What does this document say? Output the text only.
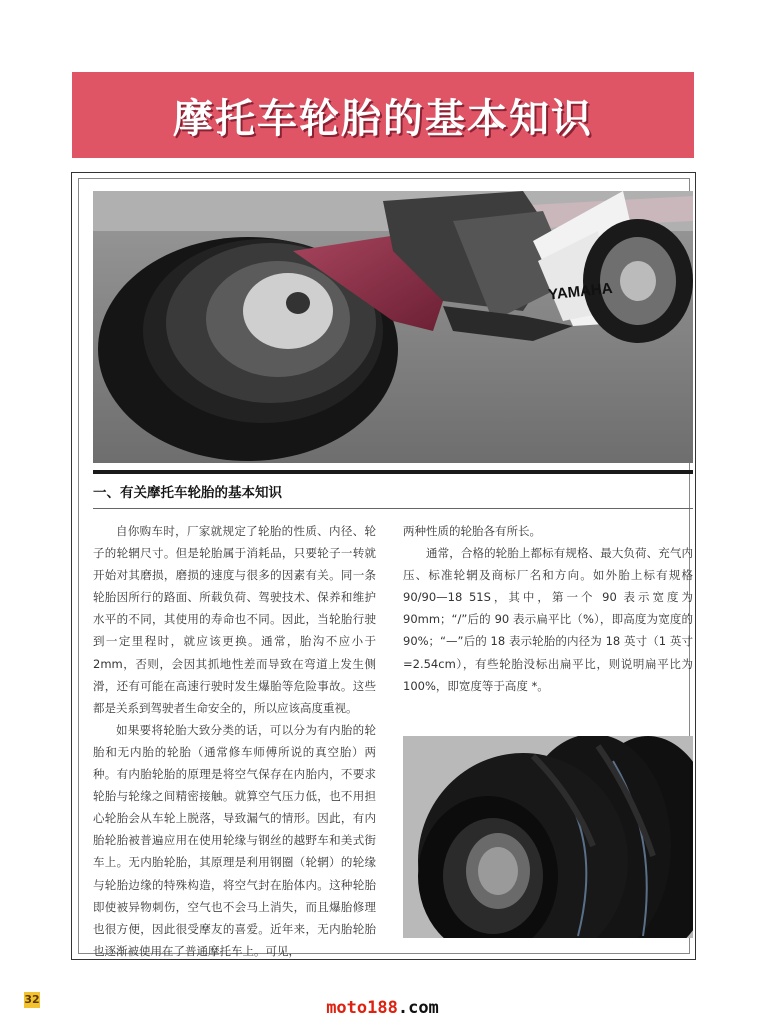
摩托车轮胎的基本知识
YAMAHA
一、有关摩托车轮胎的基本知识

自你购车时，厂家就规定了轮胎的性质、内径、轮子的轮辋尺寸。但是轮胎属于消耗品，只要轮子一转就开始对其磨损，磨损的速度与很多的因素有关。同一条轮胎因所行的路面、所载负荷、驾驶技术、保养和维护水平的不同，其使用的寿命也不同。因此，当轮胎行驶到一定里程时，就应该更换。通常，胎沟不应小于 2mm，否则，会因其抓地性差而导致在弯道上发生侧滑，还有可能在高速行驶时发生爆胎等危险事故。这些都是关系到驾驶者生命安全的，所以应该高度重视。

如果要将轮胎大致分类的话，可以分为有内胎的轮胎和无内胎的轮胎（通常修车师傅所说的真空胎）两种。有内胎轮胎的原理是将空气保存在内胎内，不要求轮胎与轮缘之间精密接触。就算空气压力低，也不用担心轮胎会从车轮上脱落，导致漏气的情形。因此，有内胎轮胎被普遍应用在使用轮缘与钢丝的越野车和美式街车上。无内胎轮胎，其原理是利用钢圈（轮辋）的轮缘与轮胎边缘的特殊构造，将空气封在胎体内。这种轮胎即使被异物刺伤，空气也不会马上消失，而且爆胎修理也很方便，因此很受摩友的喜爱。近年来，无内胎轮胎也逐渐被使用在了普通摩托车上。可见，

两种性质的轮胎各有所长。

通常，合格的轮胎上都标有规格、最大负荷、充气内压、标准轮辋及商标厂名和方向。如外胎上标有规格 90/90—18 51S，其中，第一个 90 表示宽度为 90mm；“/”后的 90 表示扁平比（%），即高度为宽度的 90%；“—”后的 18 表示轮胎的内径为 18 英寸（1 英寸 =2.54cm），有些轮胎没标出扁平比，则说明扁平比为 100%，即宽度等于高度 *。

32	moto188.com
